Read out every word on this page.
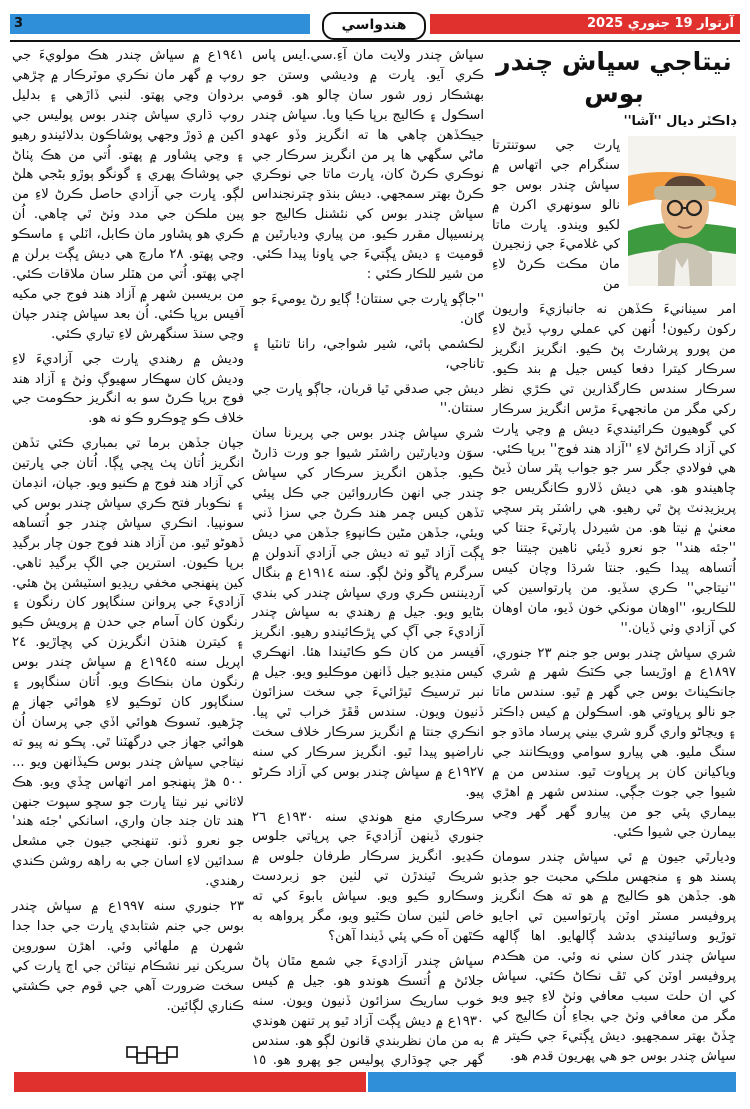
3	هندواسي	آرتوار 19 جنوري 2025
نيتاجي سڀاش چندر بوس
ڊاڪٽر ديال ''آشا''

ڀارت جي سوتنترتا سنگرام جي اتهاس ۾ سڀاش چندر بوس جو نالو سونهري اکرن ۾ لکيو ويندو. ڀارت ماتا کي غلاميءَ جي زنجيرن مان مڪت ڪرڻ لاءِ من

امر سينانيءَ ڪڏهن نه جانبازيءَ واريون رکون رکيون! اُنهن کي عملي روپ ڏيڻ لاءِ من پورو پرشارٿ پڻ ڪيو. انگريز انگريز سرڪار کيترا دفعا کيس جيل ۾ بند ڪيو. سرڪار سندس ڪارگذارين تي ڪڙي نظر رکي مگر من مانجهيءَ مڙس انگريز سرڪار کي گوهيون ڪرائينديءَ ديش ۾ وڃي ڀارت کي آزاد ڪرائڻ لاءِ ''آزاد هند فوج'' برپا ڪئي. هي فولادي جگر سر جو جواب پٿر سان ڏيڻ چاهيندو هو. هي ديش ڏلارو ڪانگريس جو پريزيڊنٽ پڻ ٿي رهيو. هي راشٽر پتر سچي معنيٰ ۾ نيتا هو. من شيردل پارٽيءَ جنتا کي ''جئه هند'' جو نعرو ڏيئي ٺاهين ڄيتنا جو اُتساهه پيدا ڪيو. جنتا شرڌا وچان کيس ''نيتاجي'' ڪري سڏيو. من پارتواسين کي للڪاريو، ''اوهان مونکي خون ڏيو، مان اوهان کي آزادي وٺي ڏيان.''

شري سڀاش چندر بوس جو جنم ٢٣ جنوري، ١٨٩٧ع ۾ اوڙيسا جي ڪٽڪ شهر ۾ شري جانڪيناٿ بوس جي گهر ۾ ٿيو. سندس ماتا جو نالو پرڀاوتي هو. اسڪولن ۾ کيس ڊاڪٽر ۽ ويڃاڻو واري گرو شري بيني پرساد ماڌو جو سنگ مليو. هي پيارو سوامي وويڪانند جي وياکيانن کان ٻر پرڀاوت ٿيو. سندس من ۾ شيوا جي جوت جڳي. سندس شهر ۾ اهڙي بيماري پئي جو من پيارو گهر گهر وڃي بيمارن جي شيوا ڪئي.

وديارٿي جيون ۾ ئي سڀاش چندر سومان پسند هو ۽ منجهس ملڪي محبت جو جذبو هو. جڏهن هو ڪاليج ۾ هو ته هڪ انگريز پروفيسر مسٽر اوٽن پارتواسين تي اجايو توڙيو وسائيندي بدشد ڳالهايو. اها ڳالهه سڀاش چندر کان سٺي نه وئي. من هڪدم پروفيسر اوٽن کي ٿڦ نڪاڻ ڪئي. سڀاش کي ان حلت سبب معافي وٺڻ لاءِ چيو ويو مگر من معافي وٺڻ جي بجاءِ اُن ڪاليج کي ڇڏڻ بهتر سمجهيو. ديش ڀڳتيءَ جي ڪيتر ۾ سڀاش چندر بوس جو هي پهريون قدم هو.

سڀاش چندر ولايت مان آءِ.سي.ايس پاس ڪري آيو. ڀارت ۾ وديشي وستن جو بهشڪار زور شور سان چالو هو. قومي اسڪول ۽ ڪاليج برپا ڪيا ويا. سڀاش چندر جيڪڏهن چاهي ها ته انگريز وڏو عهدو ماڻي سگهي ها پر من انگريز سرڪار جي نوڪري ڪرڻ کان، ڀارت ماتا جي نوڪري ڪرڻ بهتر سمجهي. ديش بنڌو چترنجنداس سڀاش چندر بوس کي نئشنل ڪاليج جو پرنسيپال مقرر ڪيو. من پياري وديارٿين ۾ قوميت ۽ ديش ڀڳتيءَ جي ڀاونا پيدا ڪئي. من شير للڪار ڪئي :

''جاڳو ڀارت جي سنتان! ڳايو رڻ يوميءَ جو گان.

لڪشمي ٻائي، شير شواجي، رانا تانٽيا ۽ تاناجي،

ديش جي صدقي ٿيا قربان، جاڳو ڀارت جي سنتان.''

شري سڀاش چندر بوس جي پريرنا سان سوَن وديارٿين راشٽر شيوا جو ورت ڌارڻ ڪيو. جڏهن انگريز سرڪار کي سڀاش چندر جي انهن ڪارروائين جي ڪل پيئي تڏهن کيس چمر هند ڪرڻ جي سزا ڏني ويئي، جڏهن مڻين ڪانپوءِ جڏهن مي ديش ڀڳت آزاد ٿيو ته ديش جي آزادي آندولن ۾ سرگرم ڀاڱو وٺڻ لڳو. سنه ١٩١٤ع ۾ بنگال آرڊيننس ڪري وري سڀاش چندر کي بندي بڻايو ويو. جيل ۾ رهندي به سڀاش چندر آزاديءَ جي آڳ کي ڀڙڪائيندو رهيو. انگريز آفيسر من کان ڪو ڪاٿيندا هئا. انهڪري کيس منڊيو جيل ڏانهن موڪليو ويو. جيل ۾ نبر ترسيڪ ٿيڙائيءَ جي سخت سزائون ڏنيون ويون. سندس ڦڦڙ خراب ٿي پيا. انڪري جنتا ۾ انگريز سرڪار خلاف سخت ناراضپو پيدا ٿيو. انگريز سرڪار کي سنه ١٩٢٧ع ۾ سڀاش چندر بوس کي آزاد ڪرڻو پيو.

سرڪاري منع هوندي سنه ١٩٣٠ع ٢٦ جنوري ڏينهن آزاديءَ جي پرڀاتي جلوس ڪڍيو. انگريز سرڪار طرفان جلوس ۾ شريڪ ٿيندڙن تي لٺين جو زبردست وسڪارو ڪيو ويو. سڀاش بابوءَ کي ته خاص لٺين سان ڪٽيو ويو، مگر پرواهه به ڪٿهن آه ڪي پئي ڏيندا آهن؟

سڀاش چندر آزاديءَ جي شمع مٿان پاڻ جلائڻ ۾ اُتسڪ هوندو هو. جيل ۾ کيس خوب ساريڪ سزائون ڏنيون ويون. سنه ١٩٣٠ع ۾ ديش ڀڳت آزاد ٿيو پر تنهن هوندي به من مان نظربندي قانون لڳو هو. سندس گهر جي چوڌاري پوليس جو پهرو هو. ١٥

١٩٤١ع ۾ سڀاش چندر هڪ مولويءَ جي روپ ۾ گهر مان نڪري موٽرڪار ۾ چڙهي بردوان وڃي پهتو. لنبي ڏاڙهي ۽ بدليل روپ ڌاري سڀاش چندر بوس پوليس جي اکين ۾ ڌوڙ وجهي پوشاڪون بدلائيندو رهيو ۽ وڃي پشاور ۾ پهتو. اُتي من هڪ پٺاڻ جي پوشاڪ پهري ۽ گونگو ٻوڙو بڻجي هلڻ لڳو. ڀارت جي آزادي حاصل ڪرڻ لاءِ من پين ملڪن جي مدد وٺڻ ٿي چاهي. اُن ڪري هو پشاور مان ڪابل، اٽلي ۽ ماسڪو وڃي پهتو. ٢٨ مارچ هي ديش ڀڳت برلن ۾ اچي پهتو. اُتي من هٽلر سان ملاقات ڪئي. من بريسبن شهر ۾ آزاد هند فوج جي مکيه آفيس برپا ڪئي. اُن بعد سڀاش چندر جپان وڃي سنڌ سنگهرش لاءِ تياري ڪئي.

وديش ۾ رهندي ڀارت جي آزاديءَ لاءِ وديش کان سهڪار سهيوڳ وٺڻ ۽ آزاد هند فوج برپا ڪرڻ سو به انگريز حڪومت جي خلاف ڪو ڇوڪرو ڪو نه هو.

جپان جڏهن برما تي بمباري ڪئي تڏهن انگريز اُتان پٺ ڀڄي ڀڳا. اُتان جي ڀارتين کي آزاد هند فوج ۾ ڪنيو ويو. جپان، انڊمان ۽ نڪوبار فتح ڪري سڀاش چندر بوس کي سونپيا. انڪري سڀاش چندر جو اُتساهه ڏهوڻو ٿيو. من آزاد هند فوج جون چار برگيڊ برپا ڪيون. استرين جي الڳ برگيڊ ٺاهي. کين پنهنجي مخفي ريڊيو اسٽيشن پڻ هئي. آزاديءَ جي پروانن سنگاپور کان رنگون ۽ رنگون کان آسام جي حدن ۾ پرويش ڪيو ۽ کيترن هنڌن انگريزن کي پڇاڙيو. ٢٤ اپريل سنه ١٩٤٥ع ۾ سڀاش چندر بوس رنگون مان بنڪاڪ ويو. اُتان سنگاپور ۽ سنگاپور کان ٽوڪيو لاءِ هوائي جهاز ۾ چڙهيو. ٽسوڪ هوائي اڏي جي پرسان اُن هوائي جهاز جي درگهٽنا ٿي. پڪو نه پيو ته نيتاجي سڀاش چندر بوس ڪيڏانهن ويو ... ٥٠٠ هڙ پنهنجو امر اتهاس ڇڏي ويو. هڪ لاثاني نير نيتا ڀارت جو سچو سپوت جنهن هند تان جند جان واري، اسانکي 'جئه هند' جو نعرو ڏنو. تنهنجي جيون جي مشعل سدائين لاءِ اسان جي به راهه روشن ڪندي رهندي.

٢٣ جنوري سنه ١٩٩٧ع ۾ سڀاش چندر بوس جي جنم شتابدي ڀارت جي جدا جدا شهرن ۾ ملهائي وئي. اهڙن سوروين سريکن نير نشڪام نيتائن جي اڄ ڀارت کي سخت ضرورت آهي جي قوم جي ڪشتي ڪناري لڳائين.
